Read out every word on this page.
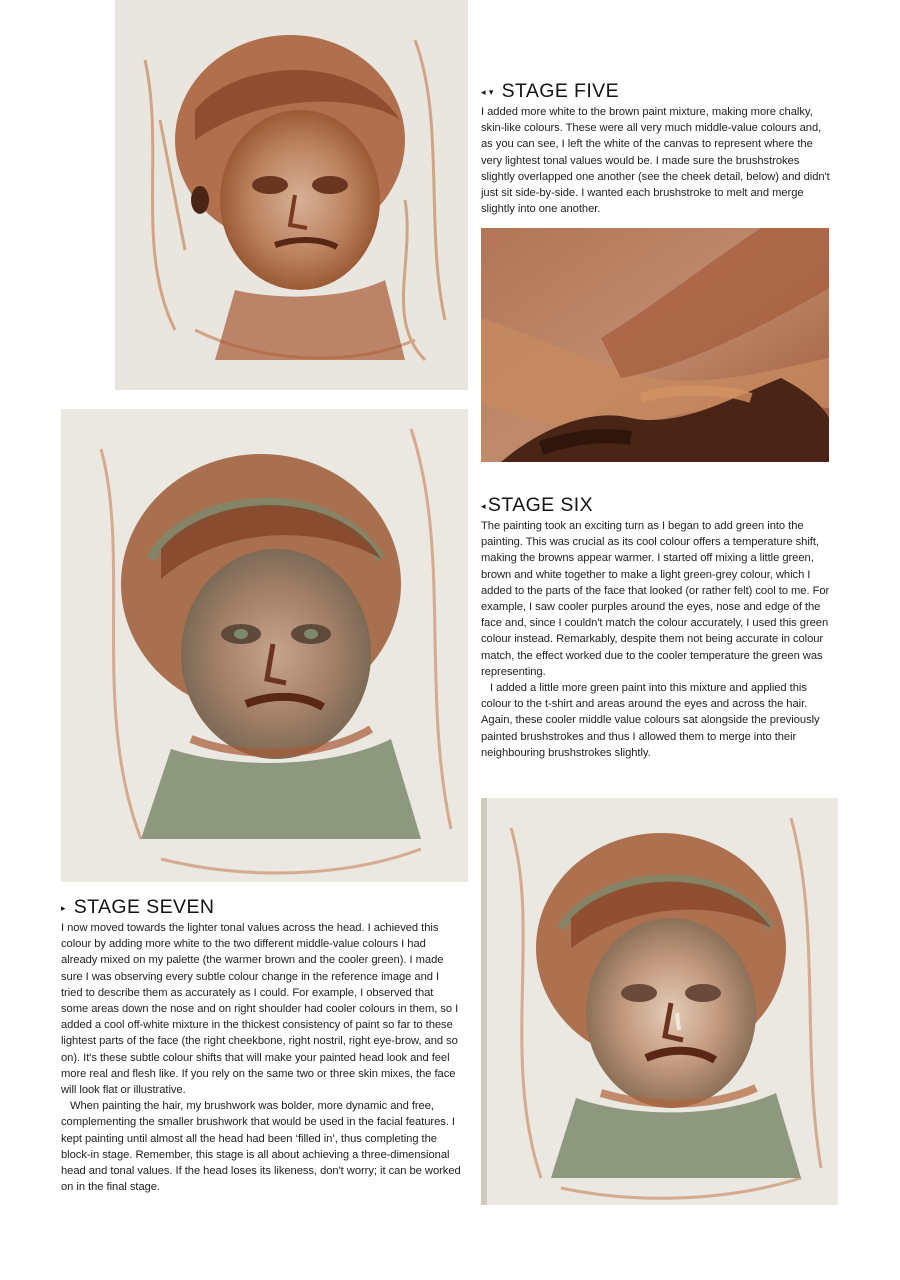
◂ ▾ STAGE FIVE

I added more white to the brown paint mixture, making more chalky, skin-like colours. These were all very much middle-value colours and, as you can see, I left the white of the canvas to represent where the very lightest tonal values would be. I made sure the brushstrokes slightly overlapped one another (see the cheek detail, below) and didn't just sit side-by-side. I wanted each brushstroke to melt and merge slightly into one another.

◂ STAGE SIX

The painting took an exciting turn as I began to add green into the painting. This was crucial as its cool colour offers a temperature shift, making the browns appear warmer. I started off mixing a little green, brown and white together to make a light green-grey colour, which I added to the parts of the face that looked (or rather felt) cool to me. For example, I saw cooler purples around the eyes, nose and edge of the face and, since I couldn't match the colour accurately, I used this green colour instead. Remarkably, despite them not being accurate in colour match, the effect worked due to the cooler temperature the green was representing.

I added a little more green paint into this mixture and applied this colour to the t-shirt and areas around the eyes and across the hair. Again, these cooler middle value colours sat alongside the previously painted brushstrokes and thus I allowed them to merge into their neighbouring brushstrokes slightly.

▸ STAGE SEVEN

I now moved towards the lighter tonal values across the head. I achieved this colour by adding more white to the two different middle-value colours I had already mixed on my palette (the warmer brown and the cooler green). I made sure I was observing every subtle colour change in the reference image and I tried to describe them as accurately as I could. For example, I observed that some areas down the nose and on right shoulder had cooler colours in them, so I added a cool off-white mixture in the thickest consistency of paint so far to these lightest parts of the face (the right cheekbone, right nostril, right eye-brow, and so on). It's these subtle colour shifts that will make your painted head look and feel more real and flesh like. If you rely on the same two or three skin mixes, the face will look flat or illustrative.

When painting the hair, my brushwork was bolder, more dynamic and free, complementing the smaller brushwork that would be used in the facial features. I kept painting until almost all the head had been ‘filled in’, thus completing the block-in stage. Remember, this stage is all about achieving a three-dimensional head and tonal values. If the head loses its likeness, don't worry; it can be worked on in the final stage.
